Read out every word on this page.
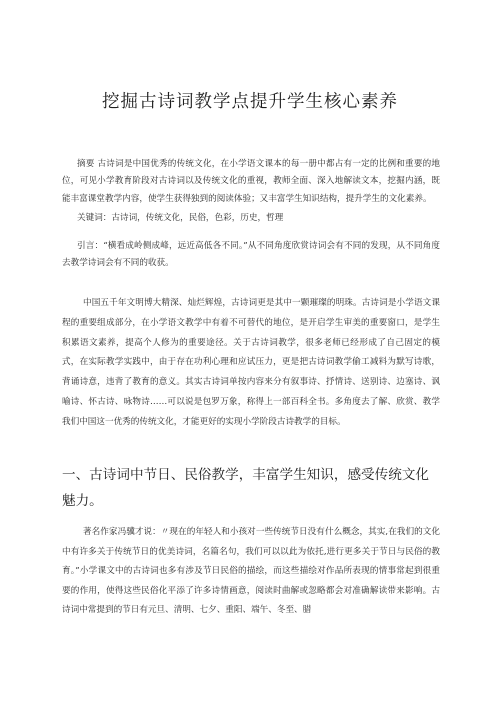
挖掘古诗词教学点提升学生核心素养

摘要 古诗词是中国优秀的传统文化，在小学语文课本的每一册中都占有一定的比例和重要的地位，可见小学教育阶段对古诗词以及传统文化的重视，教师全面、深入地解读文本，挖掘内涵，既能丰富课堂教学内容，使学生获得独到的阅读体验；又丰富学生知识结构，提升学生的文化素养。

关键词：古诗词，传统文化，民俗，色彩，历史，哲理

引言：“横看成岭侧成峰，远近高低各不同。”从不同角度欣赏诗词会有不同的发现，从不同角度去教学诗词会有不同的收获。

中国五千年文明博大精深、灿烂辉煌，古诗词更是其中一颗璀璨的明珠。古诗词是小学语文课程的重要组成部分，在小学语文教学中有着不可替代的地位，是开启学生审美的重要窗口，是学生积累语文素养，提高个人修为的重要途径。关于古诗词教学，很多老师已经形成了自己固定的模式，在实际教学实践中，由于存在功利心理和应试压力，更是把古诗词教学偷工减料为默写诗歌，背诵诗意，违背了教育的意义。其实古诗词单按内容来分有叙事诗、抒情诗、送别诗、边塞诗、讽喻诗、怀古诗、咏物诗……可以说是包罗万象，称得上一部百科全书。多角度去了解、欣赏、教学我们中国这一优秀的传统文化，才能更好的实现小学阶段古诗教学的目标。

一、古诗词中节日、民俗教学，丰富学生知识，感受传统文化魅力。

著名作家冯骥才说：〃现在的年轻人和小孩对一些传统节日没有什么概念，其实,在我们的文化中有许多关于传统节日的优美诗词，名篇名句，我们可以以此为依托,进行更多关于节日与民俗的教育。”小学课文中的古诗词也多有涉及节日民俗的描绘，而这些描绘对作品所表现的情事常起到很重要的作用，使得这些民俗化平添了许多诗情画意，阅读时曲解或忽略都会对准确解读带来影响。古诗词中常提到的节日有元旦、清明、七夕、重阳、端午、冬至、腊
